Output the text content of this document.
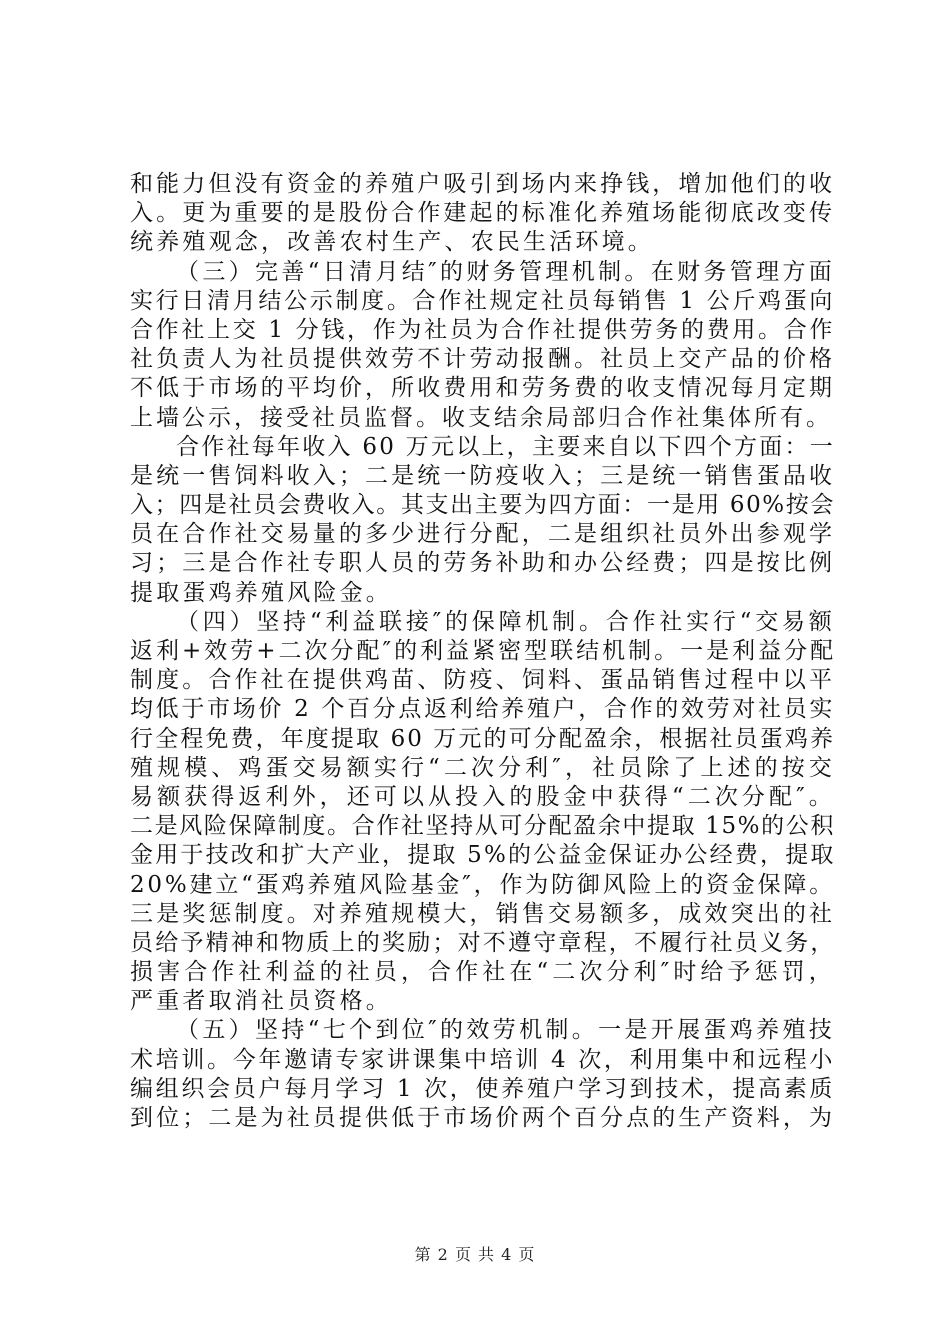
和能力但没有资金的养殖户吸引到场内来挣钱，增加他们的收
入。更为重要的是股份合作建起的标准化养殖场能彻底改变传
统养殖观念，改善农村生产、农民生活环境。
（三）完善“日清月结″的财务管理机制。在财务管理方面
实行日清月结公示制度。合作社规定社员每销售 1 公斤鸡蛋向
合作社上交 1 分钱，作为社员为合作社提供劳务的费用。合作
社负责人为社员提供效劳不计劳动报酬。社员上交产品的价格
不低于市场的平均价，所收费用和劳务费的收支情况每月定期
上墙公示，接受社员监督。收支结余局部归合作社集体所有。
合作社每年收入 60 万元以上，主要来自以下四个方面：一
是统一售饲料收入；二是统一防疫收入；三是统一销售蛋品收
入；四是社员会费收入。其支出主要为四方面：一是用 60%按会
员在合作社交易量的多少进行分配，二是组织社员外出参观学
习；三是合作社专职人员的劳务补助和办公经费；四是按比例
提取蛋鸡养殖风险金。
（四）坚持“利益联接″的保障机制。合作社实行“交易额
返利+效劳+二次分配″的利益紧密型联结机制。一是利益分配
制度。合作社在提供鸡苗、防疫、饲料、蛋品销售过程中以平
均低于市场价 2 个百分点返利给养殖户，合作的效劳对社员实
行全程免费，年度提取 60 万元的可分配盈余，根据社员蛋鸡养
殖规模、鸡蛋交易额实行“二次分利″，社员除了上述的按交
易额获得返利外，还可以从投入的股金中获得“二次分配″。
二是风险保障制度。合作社坚持从可分配盈余中提取 15%的公积
金用于技改和扩大产业，提取 5%的公益金保证办公经费，提取
20%建立“蛋鸡养殖风险基金″，作为防御风险上的资金保障。
三是奖惩制度。对养殖规模大，销售交易额多，成效突出的社
员给予精神和物质上的奖励；对不遵守章程，不履行社员义务，
损害合作社利益的社员，合作社在“二次分利″时给予惩罚，
严重者取消社员资格。
（五）坚持“七个到位″的效劳机制。一是开展蛋鸡养殖技
术培训。今年邀请专家讲课集中培训 4 次，利用集中和远程小
编组织会员户每月学习 1 次，使养殖户学习到技术，提高素质
到位；二是为社员提供低于市场价两个百分点的生产资料，为
第 2 页 共 4 页
